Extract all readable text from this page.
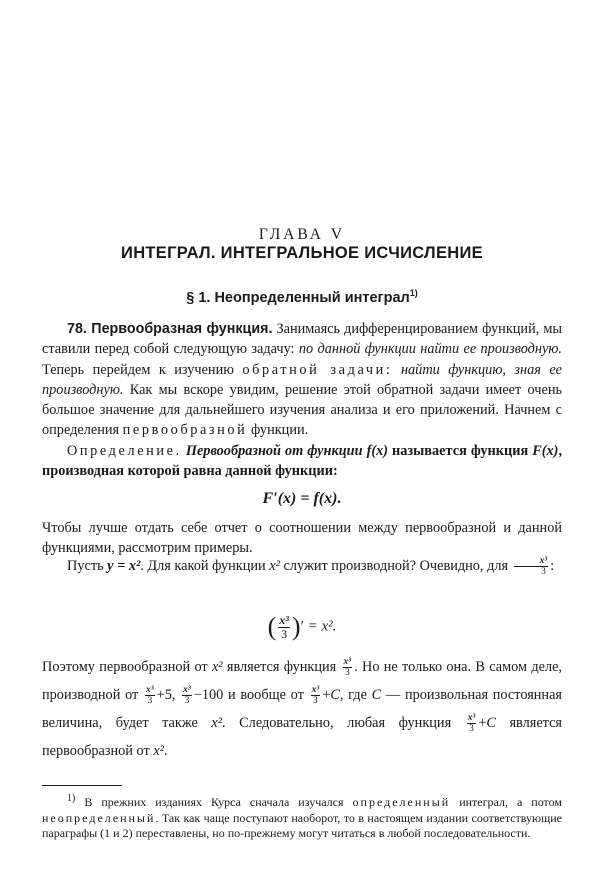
ГЛАВА V
ИНТЕГРАЛ. ИНТЕГРАЛЬНОЕ ИСЧИСЛЕНИЕ
§ 1. Неопределенный интеграл$^{1)}$
78. Первообразная функция. Занимаясь дифференцированием функций, мы ставили перед собой следующую задачу: по данной функции найти ее производную. Теперь перейдем к изучению обратной задачи: найти функцию, зная ее производную. Как мы вскоре увидим, решение этой обратной задачи имеет очень большое значение для дальнейшего изучения анализа и его приложений. Начнем с определения первообразной функции.
Определение. Первообразной от функции f(x) называется функция F(x), производная которой равна данной функции:
F′(x) = f(x).
Чтобы лучше отдать себе отчет о соотношении между первообразной и данной функциями, рассмотрим примеры.
Пусть y = x². Для какой функции x² служит производной? Очевидно, для $\frac{\text{x³}}{3}$ :
( $\frac{\text{x³}}{3}$ )′ = x².
Поэтому первообразной от x² является функция $\frac{\text{x³}}{3}$ . Но не только она. В самом деле, производной от $\frac{\text{x³}}{3} +5$, $\frac{\text{x³}}{3} -100$ и вообще от $\frac{\text{x³}}{3} +C$, где C — произвольная постоянная величина, будет также x². Следовательно, любая функция $\frac{\text{x³}}{3} +C$ является первообразной от x².
$^{1)}$ В прежних изданиях Курса сначала изучался определенный интеграл, а потом неопределенный. Так как чаще поступают наоборот, то в настоящем издании соответствующие параграфы (1 и 2) переставлены, но по-прежнему могут читаться в любой последовательности.
